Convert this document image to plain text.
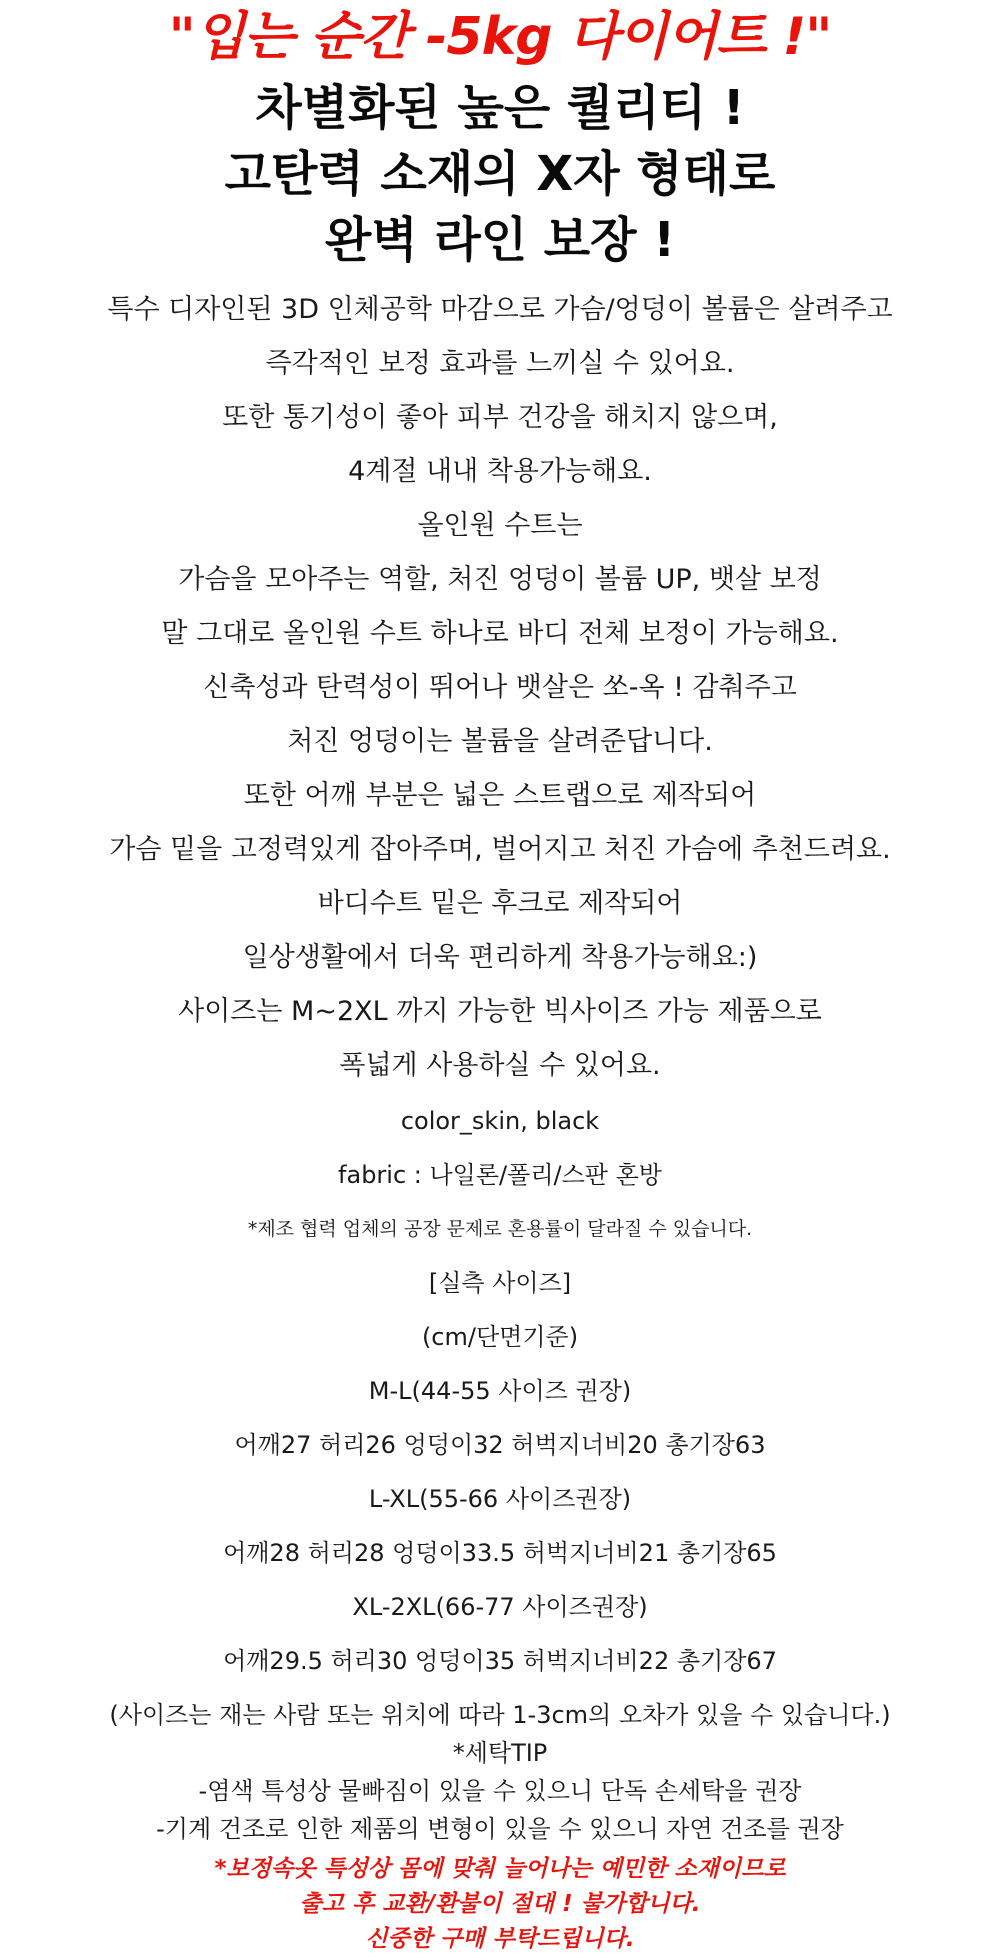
"입는 순간 -5kg 다이어트 !"
차별화된 높은 퀄리티 !
고탄력 소재의 X자 형태로
완벽 라인 보장 !
특수 디자인된 3D 인체공학 마감으로 가슴/엉덩이 볼륨은 살려주고
즉각적인 보정 효과를 느끼실 수 있어요.
또한 통기성이 좋아 피부 건강을 해치지 않으며,
4계절 내내 착용가능해요.
올인원 수트는
가슴을 모아주는 역할, 처진 엉덩이 볼륨 UP, 뱃살 보정
말 그대로 올인원 수트 하나로 바디 전체 보정이 가능해요.
신축성과 탄력성이 뛰어나 뱃살은 쏘-옥 ! 감춰주고
처진 엉덩이는 볼륨을 살려준답니다.
또한 어깨 부분은 넓은 스트랩으로 제작되어
가슴 밑을 고정력있게 잡아주며, 벌어지고 처진 가슴에 추천드려요.
바디수트 밑은 후크로 제작되어
일상생활에서 더욱 편리하게 착용가능해요:)
사이즈는 M~2XL 까지 가능한 빅사이즈 가능 제품으로
폭넓게 사용하실 수 있어요.
color_skin, black
fabric : 나일론/폴리/스판 혼방
*제조 협력 업체의 공장 문제로 혼용률이 달라질 수 있습니다.
[실측 사이즈]
(cm/단면기준)
M-L(44-55 사이즈 권장)
어깨27 허리26 엉덩이32 허벅지너비20 총기장63
L-XL(55-66 사이즈권장)
어깨28 허리28 엉덩이33.5 허벅지너비21 총기장65
XL-2XL(66-77 사이즈권장)
어깨29.5 허리30 엉덩이35 허벅지너비22 총기장67
(사이즈는 재는 사람 또는 위치에 따라 1-3cm의 오차가 있을 수 있습니다.)
*세탁TIP
-염색 특성상 물빠짐이 있을 수 있으니 단독 손세탁을 권장
-기계 건조로 인한 제품의 변형이 있을 수 있으니 자연 건조를 권장
*보정속옷 특성상 몸에 맞춰 늘어나는 예민한 소재이므로
출고 후 교환/환불이 절대 ! 불가합니다.
신중한 구매 부탁드립니다.
